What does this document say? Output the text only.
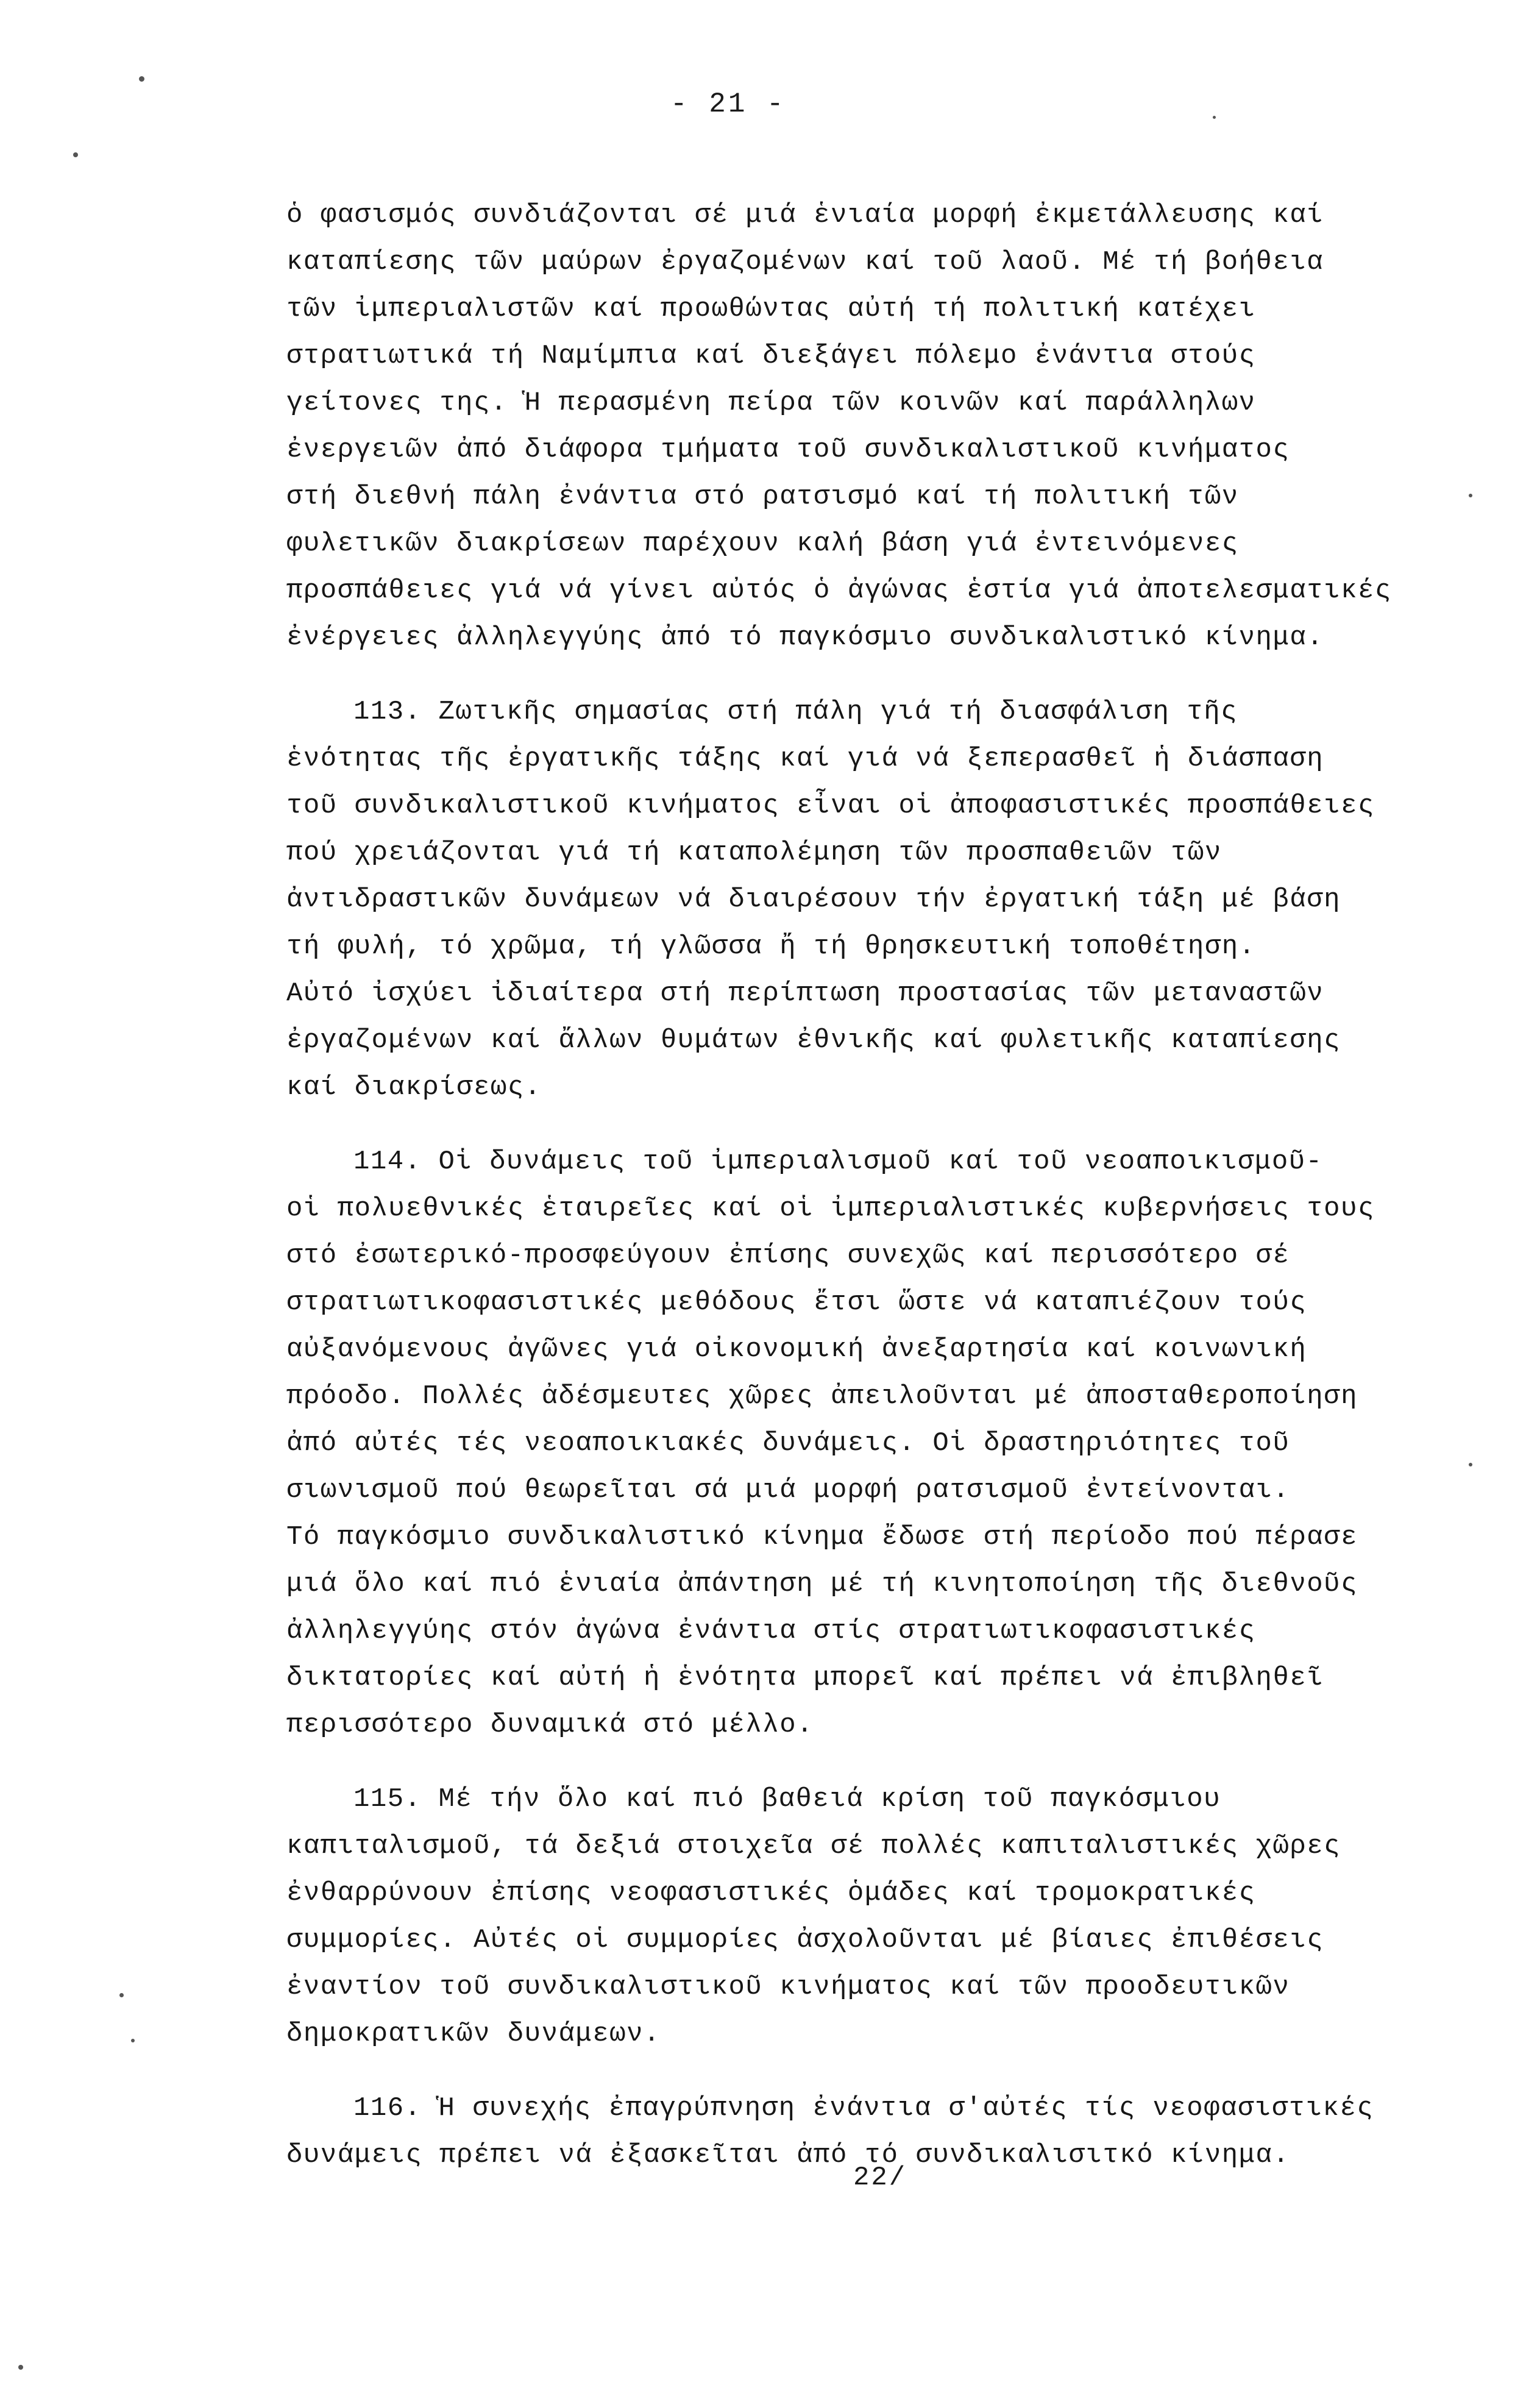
- 21 -
ὁ φασισμός συνδιάζονται σέ μιά ἑνιαία μορφή ἐκμετάλλευσης καί
καταπίεσης τῶν μαύρων ἐργαζομένων καί τοῦ λαοῦ. Μέ τή βοήθεια
τῶν ἰμπεριαλιστῶν καί προωθώντας αὐτή τή πολιτική κατέχει
στρατιωτικά τή Ναμίμπια καί διεξάγει πόλεμο ἐνάντια στούς
γείτονες της. Ἡ περασμένη πείρα τῶν κοινῶν καί παράλληλων
ἐνεργειῶν ἀπό διάφορα τμήματα τοῦ συνδικαλιστικοῦ κινήματος
στή διεθνή πάλη ἐνάντια στό ρατσισμό καί τή πολιτική τῶν
φυλετικῶν διακρίσεων παρέχουν καλή βάση γιά ἐντεινόμενες
προσπάθειες γιά νά γίνει αὐτός ὁ ἀγώνας ἑστία γιά ἀποτελεσματικές
ἐνέργειες ἀλληλεγγύης ἀπό τό παγκόσμιο συνδικαλιστικό κίνημα.
113. Ζωτικῆς σημασίας στή πάλη γιά τή διασφάλιση τῆς
ἑνότητας τῆς ἐργατικῆς τάξης καί γιά νά ξεπερασθεῖ ἡ διάσπαση
τοῦ συνδικαλιστικοῦ κινήματος εἶναι οἱ ἀποφασιστικές προσπάθειες
πού χρειάζονται γιά τή καταπολέμηση τῶν προσπαθειῶν τῶν
ἀντιδραστικῶν δυνάμεων νά διαιρέσουν τήν ἐργατική τάξη μέ βάση
τή φυλή, τό χρῶμα, τή γλῶσσα ἤ τή θρησκευτική τοποθέτηση.
Αὐτό ἰσχύει ἰδιαίτερα στή περίπτωση προστασίας τῶν μεταναστῶν
ἐργαζομένων καί ἄλλων θυμάτων ἐθνικῆς καί φυλετικῆς καταπίεσης
καί διακρίσεως.
114. Οἱ δυνάμεις τοῦ ἰμπεριαλισμοῦ καί τοῦ νεοαποικισμοῦ-
οἱ πολυεθνικές ἑταιρεῖες καί οἱ ἰμπεριαλιστικές κυβερνήσεις τους
στό ἐσωτερικό-προσφεύγουν ἐπίσης συνεχῶς καί περισσότερο σέ
στρατιωτικοφασιστικές μεθόδους ἔτσι ὥστε νά καταπιέζουν τούς
αὐξανόμενους ἀγῶνες γιά οἰκονομική ἀνεξαρτησία καί κοινωνική
πρόοδο. Πολλές ἀδέσμευτες χῶρες ἀπειλοῦνται μέ ἀποσταθεροποίηση
ἀπό αὐτές τές νεοαποικιακές δυνάμεις. Οἱ δραστηριότητες τοῦ
σιωνισμοῦ πού θεωρεῖται σά μιά μορφή ρατσισμοῦ ἐντείνονται.
Τό παγκόσμιο συνδικαλιστικό κίνημα ἔδωσε στή περίοδο πού πέρασε
μιά ὅλο καί πιό ἑνιαία ἀπάντηση μέ τή κινητοποίηση τῆς διεθνοῦς
ἀλληλεγγύης στόν ἀγώνα ἐνάντια στίς στρατιωτικοφασιστικές
δικτατορίες καί αὐτή ἡ ἑνότητα μπορεῖ καί πρέπει νά ἐπιβληθεῖ
περισσότερο δυναμικά στό μέλλο.
115. Μέ τήν ὅλο καί πιό βαθειά κρίση τοῦ παγκόσμιου
καπιταλισμοῦ, τά δεξιά στοιχεῖα σέ πολλές καπιταλιστικές χῶρες
ἐνθαρρύνουν ἐπίσης νεοφασιστικές ὁμάδες καί τρομοκρατικές
συμμορίες. Αὐτές οἱ συμμορίες ἀσχολοῦνται μέ βίαιες ἐπιθέσεις
ἐναντίον τοῦ συνδικαλιστικοῦ κινήματος καί τῶν προοδευτικῶν
δημοκρατικῶν δυνάμεων.
116. Ἡ συνεχής ἐπαγρύπνηση ἐνάντια σ'αὐτές τίς νεοφασιστικές
δυνάμεις πρέπει νά ἐξασκεῖται ἀπό τό συνδικαλισιτκό κίνημα.
22/
